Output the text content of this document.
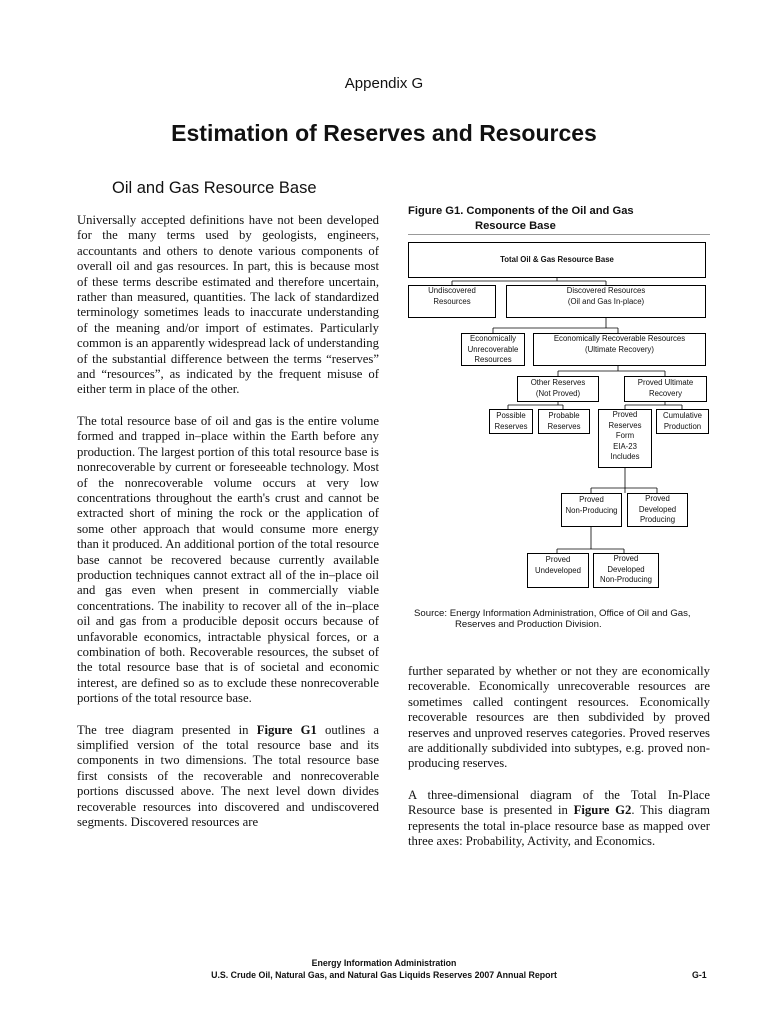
Appendix G
Estimation of Reserves and Resources
Oil and Gas Resource Base

Universally accepted definitions have not been developed for the many terms used by geologists, engineers, accountants and others to denote various components of overall oil and gas resources. In part, this is because most of these terms describe estimated and therefore uncertain, rather than measured, quantities. The lack of standardized terminology sometimes leads to inaccurate understanding of the meaning and/or import of estimates. Particularly common is an apparently widespread lack of understanding of the substantial difference between the terms “reserves” and “resources”, as indicated by the frequent misuse of either term in place of the other.

The total resource base of oil and gas is the entire volume formed and trapped in–place within the Earth before any production. The largest portion of this total resource base is nonrecoverable by current or foreseeable technology. Most of the nonrecoverable volume occurs at very low concentrations throughout the earth's crust and cannot be extracted short of mining the rock or the application of some other approach that would consume more energy than it produced. An additional portion of the total resource base cannot be recovered because currently available production techniques cannot extract all of the in–place oil and gas even when present in commercially viable concentrations. The inability to recover all of the in–place oil and gas from a producible deposit occurs because of unfavorable economics, intractable physical forces, or a combination of both. Recoverable resources, the subset of the total resource base that is of societal and economic interest, are defined so as to exclude these nonrecoverable portions of the total resource base.

The tree diagram presented in Figure G1 outlines a simplified version of the total resource base and its components in two dimensions. The total resource base first consists of the recoverable and nonrecoverable portions discussed above. The next level down divides recoverable resources into discovered and undiscovered segments. Discovered resources are

Figure G1. Components of the Oil and Gas
Resource Base
Total Oil & Gas Resource Base
Undiscovered
Resources
Discovered Resources
(Oil and Gas In-place)
Economically
Unrecoverable
Resources
Economically Recoverable Resources
(Ultimate Recovery)
Other Reserves
(Not Proved)
Proved Ultimate
Recovery
Possible
Reserves
Probable
Reserves
Proved
Reserves
Form
EIA-23
Includes
Cumulative
Production
Proved
Non-Producing
Proved
Developed
Producing
Proved
Undeveloped
Proved
Developed
Non-Producing
Source: Energy Information Administration, Office of Oil and Gas,
Reserves and Production Division.

further separated by whether or not they are economically recoverable. Economically unrecoverable resources are sometimes called contingent resources. Economically recoverable resources are then subdivided by proved reserves and unproved reserves categories. Proved reserves are additionally subdivided into subtypes, e.g. proved non-producing reserves.

A three-dimensional diagram of the Total In-Place Resource base is presented in Figure G2. This diagram represents the total in-place resource base as mapped over three axes: Probability, Activity, and Economics.

Energy Information Administration
U.S. Crude Oil, Natural Gas, and Natural Gas Liquids Reserves 2007 Annual Report	G-1
